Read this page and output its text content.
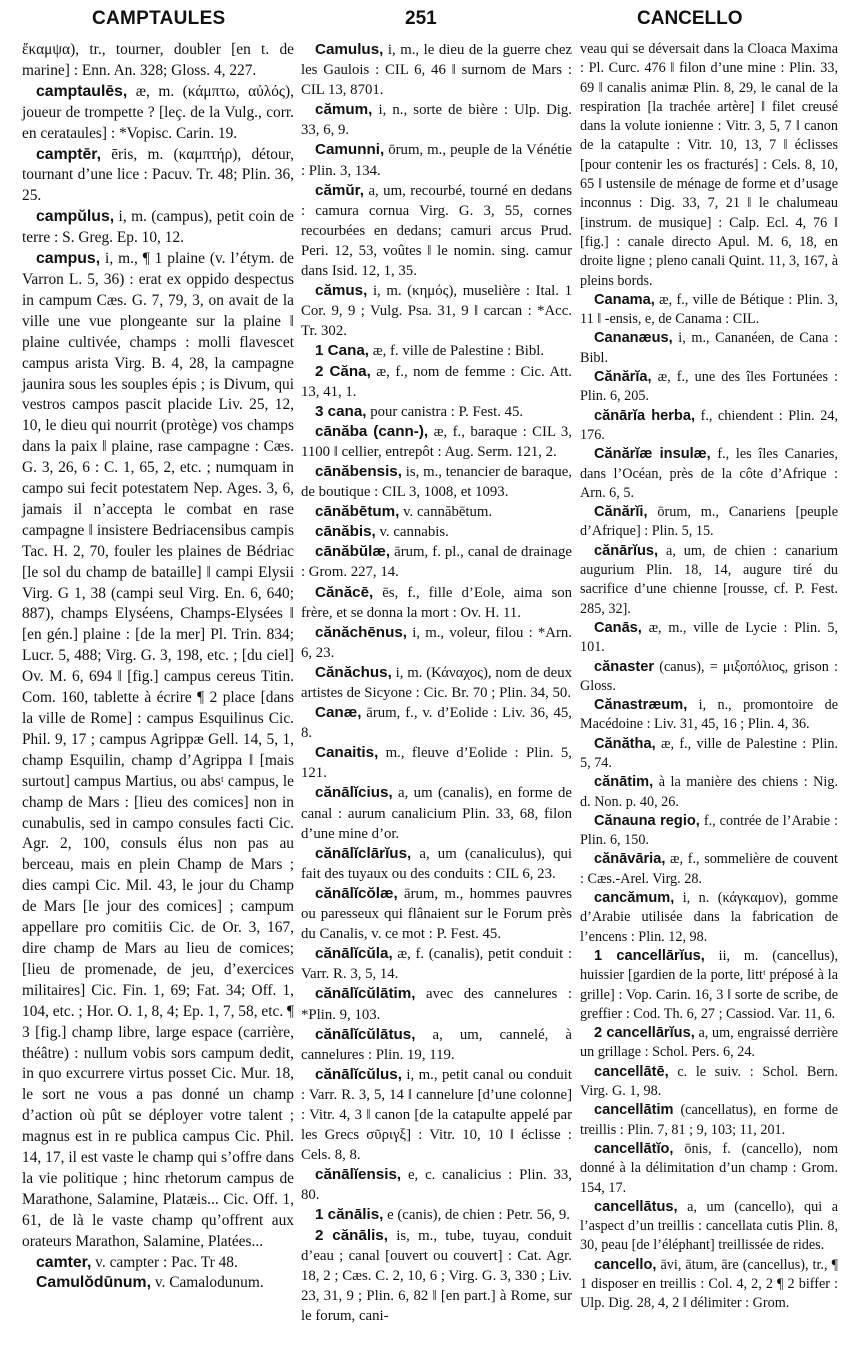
CAMPTAULES	251	CANCELLO

ἔκαμψα), tr., tourner, doubler [en t. de marine] : Enn. An. 328; Gloss. 4, 227.

camptaulēs, æ, m. (κάμπτω, αὐλός), joueur de trompette ? [leç. de la Vulg., corr. en cerataules] : *Vopisc. Carin. 19.

camptēr, ēris, m. (καμπτήρ), détour, tournant d’une lice : Pacuv. Tr. 48; Plin. 36, 25.

campŭlus, i, m. (campus), petit coin de terre : S. Greg. Ep. 10, 12.

campus, i, m., ¶ 1 plaine (v. l’étym. de Varron L. 5, 36) : erat ex oppido despectus in campum Cæs. G. 7, 79, 3, on avait de la ville une vue plongeante sur la plaine ‖ plaine cultivée, champs : molli flavescet campus arista Virg. B. 4, 28, la campagne jaunira sous les souples épis ; is Divum, qui vestros campos pascit placide Liv. 25, 12, 10, le dieu qui nourrit (protège) vos champs dans la paix ‖ plaine, rase campagne : Cæs. G. 3, 26, 6 : C. 1, 65, 2, etc. ; numquam in campo sui fecit potestatem Nep. Ages. 3, 6, jamais il n’accepta le combat en rase campagne ‖ insistere Bedriacensibus campis Tac. H. 2, 70, fouler les plaines de Bédriac [le sol du champ de bataille] ‖ campi Elysii Virg. G 1, 38 (campi seul Virg. En. 6, 640; 887), champs Elyséens, Champs-Elysées ‖ [en gén.] plaine : [de la mer] Pl. Trin. 834; Lucr. 5, 488; Virg. G. 3, 198, etc. ; [du ciel] Ov. M. 6, 694 ‖ [fig.] campus cereus Titin. Com. 160, tablette à écrire ¶ 2 place [dans la ville de Rome] : campus Esquilinus Cic. Phil. 9, 17 ; campus Agrippæ Gell. 14, 5, 1, champ Esquilin, champ d’Agrippa ‖ [mais surtout] campus Martius, ou absᵗ campus, le champ de Mars : [lieu des comices] non in cunabulis, sed in campo consules facti Cic. Agr. 2, 100, consuls élus non pas au berceau, mais en plein Champ de Mars ; dies campi Cic. Mil. 43, le jour du Champ de Mars [le jour des comices] ; campum appellare pro comitiis Cic. de Or. 3, 167, dire champ de Mars au lieu de comices; [lieu de promenade, de jeu, d’exercices militaires] Cic. Fin. 1, 69; Fat. 34; Off. 1, 104, etc. ; Hor. O. 1, 8, 4; Ep. 1, 7, 58, etc. ¶ 3 [fig.] champ libre, large espace (carrière, théâtre) : nullum vobis sors campum dedit, in quo excurrere virtus posset Cic. Mur. 18, le sort ne vous a pas donné un champ d’action où pût se déployer votre talent ; magnus est in re publica campus Cic. Phil. 14, 17, il est vaste le champ qui s’offre dans la vie politique ; hinc rhetorum campus de Marathone, Salamine, Platæis... Cic. Off. 1, 61, de là le vaste champ qu’offrent aux orateurs Marathon, Salamine, Platées...

camter, v. campter : Pac. Tr 48.

Camulŏdūnum, v. Camalodunum.

Camulus, i, m., le dieu de la guerre chez les Gaulois : CIL 6, 46 ‖ surnom de Mars : CIL 13, 8701.

cămum, i, n., sorte de bière : Ulp. Dig. 33, 6, 9.

Camunni, ōrum, m., peuple de la Vénétie : Plin. 3, 134.

cămŭr, a, um, recourbé, tourné en dedans : camura cornua Virg. G. 3, 55, cornes recourbées en dedans; camuri arcus Prud. Peri. 12, 53, voûtes ‖ le nomin. sing. camur dans Isid. 12, 1, 35.

cămus, i, m. (κημός), muselière : Ital. 1 Cor. 9, 9 ; Vulg. Psa. 31, 9 ‖ carcan : *Acc. Tr. 302.

1 Cana, æ, f. ville de Palestine : Bibl.

2 Căna, æ, f., nom de femme : Cic. Att. 13, 41, 1.

3 cana, pour canistra : P. Fest. 45.

cānăba (cann-), æ, f., baraque : CIL 3, 1100 ‖ cellier, entrepôt : Aug. Serm. 121, 2.

cānăbensis, is, m., tenancier de baraque, de boutique : CIL 3, 1008, et 1093.

cānăbētum, v. cannăbētum.

cānăbis, v. cannabis.

cānăbŭlæ, ārum, f. pl., canal de drainage : Grom. 227, 14.

Cănăcē, ēs, f., fille d’Eole, aima son frère, et se donna la mort : Ov. H. 11.

cănăchēnus, i, m., voleur, filou : *Arn. 6, 23.

Cănăchus, i, m. (Κάναχος), nom de deux artistes de Sicyone : Cic. Br. 70 ; Plin. 34, 50.

Canæ, ārum, f., v. d’Eolide : Liv. 36, 45, 8.

Canaitis, m., fleuve d’Eolide : Plin. 5, 121.

cănālĭcius, a, um (canalis), en forme de canal : aurum canalicium Plin. 33, 68, filon d’une mine d’or.

cănālĭclārĭus, a, um (canaliculus), qui fait des tuyaux ou des conduits : CIL 6, 23.

cănālĭcŏlæ, ārum, m., hommes pauvres ou paresseux qui flânaient sur le Forum près du Canalis, v. ce mot : P. Fest. 45.

cănālĭcŭla, æ, f. (canalis), petit conduit : Varr. R. 3, 5, 14.

cănālĭcŭlātim, avec des cannelures : *Plin. 9, 103.

cănālĭcŭlātus, a, um, cannelé, à cannelures : Plin. 19, 119.

cănālĭcŭlus, i, m., petit canal ou conduit : Varr. R. 3, 5, 14 ‖ cannelure [d’une colonne] : Vitr. 4, 3 ‖ canon [de la catapulte appelé par les Grecs σῦριγξ] : Vitr. 10, 10 ‖ éclisse : Cels. 8, 8.

cănālĭensis, e, c. canalicius : Plin. 33, 80.

1 cănālis, e (canis), de chien : Petr. 56, 9.

2 cănālis, is, m., tube, tuyau, conduit d’eau ; canal [ouvert ou couvert] : Cat. Agr. 18, 2 ; Cæs. C. 2, 10, 6 ; Virg. G. 3, 330 ; Liv. 23, 31, 9 ; Plin. 6, 82 ‖ [en part.] à Rome, sur le forum, cani-

veau qui se déversait dans la Cloaca Maxima : Pl. Curc. 476 ‖ filon d’une mine : Plin. 33, 69 ‖ canalis animæ Plin. 8, 29, le canal de la respiration [la trachée artère] ‖ filet creusé dans la volute ionienne : Vitr. 3, 5, 7 ‖ canon de la catapulte : Vitr. 10, 13, 7 ‖ éclisses [pour contenir les os fracturés] : Cels. 8, 10, 65 ‖ ustensile de ménage de forme et d’usage inconnus : Dig. 33, 7, 21 ‖ le chalumeau [instrum. de musique] : Calp. Ecl. 4, 76 ‖ [fig.] : canale directo Apul. M. 6, 18, en droite ligne ; pleno canali Quint. 11, 3, 167, à pleins bords.

Canama, æ, f., ville de Bétique : Plin. 3, 11 ‖ -ensis, e, de Canama : CIL.

Cananæus, i, m., Cananéen, de Cana : Bibl.

Cănărĭa, æ, f., une des îles Fortunées : Plin. 6, 205.

cănārĭa herba, f., chiendent : Plin. 24, 176.

Cănărĭæ insulæ, f., les îles Canaries, dans l’Océan, près de la côte d’Afrique : Arn. 6, 5.

Cănărĭi, ōrum, m., Canariens [peuple d’Afrique] : Plin. 5, 15.

cănārĭus, a, um, de chien : canarium augurium Plin. 18, 14, augure tiré du sacrifice d’une chienne [rousse, cf. P. Fest. 285, 32].

Canās, æ, m., ville de Lycie : Plin. 5, 101.

cănaster (canus), = μιξοπόλιος, grison : Gloss.

Cănastræum, i, n., promontoire de Macédoine : Liv. 31, 45, 16 ; Plin. 4, 36.

Cănătha, æ, f., ville de Palestine : Plin. 5, 74.

cănātim, à la manière des chiens : Nig. d. Non. p. 40, 26.

Cănauna regio, f., contrée de l’Arabie : Plin. 6, 150.

cănāvāria, æ, f., sommelière de couvent : Cæs.-Arel. Virg. 28.

cancămum, i, n. (κάγκαμον), gomme d’Arabie utilisée dans la fabrication de l’encens : Plin. 12, 98.

1 cancellārĭus, ii, m. (cancellus), huissier [gardien de la porte, littᵗ préposé à la grille] : Vop. Carin. 16, 3 ‖ sorte de scribe, de greffier : Cod. Th. 6, 27 ; Cassiod. Var. 11, 6.

2 cancellārĭus, a, um, engraissé derrière un grillage : Schol. Pers. 6, 24.

cancellātē, c. le suiv. : Schol. Bern. Virg. G. 1, 98.

cancellātim (cancellatus), en forme de treillis : Plin. 7, 81 ; 9, 103; 11, 201.

cancellātĭo, ōnis, f. (cancello), nom donné à la délimitation d’un champ : Grom. 154, 17.

cancellātus, a, um (cancello), qui a l’aspect d’un treillis : cancellata cutis Plin. 8, 30, peau [de l’éléphant] treillissée de rides.

cancello, āvi, ātum, āre (cancellus), tr., ¶ 1 disposer en treillis : Col. 4, 2, 2 ¶ 2 biffer : Ulp. Dig. 28, 4, 2 ‖ délimiter : Grom.
